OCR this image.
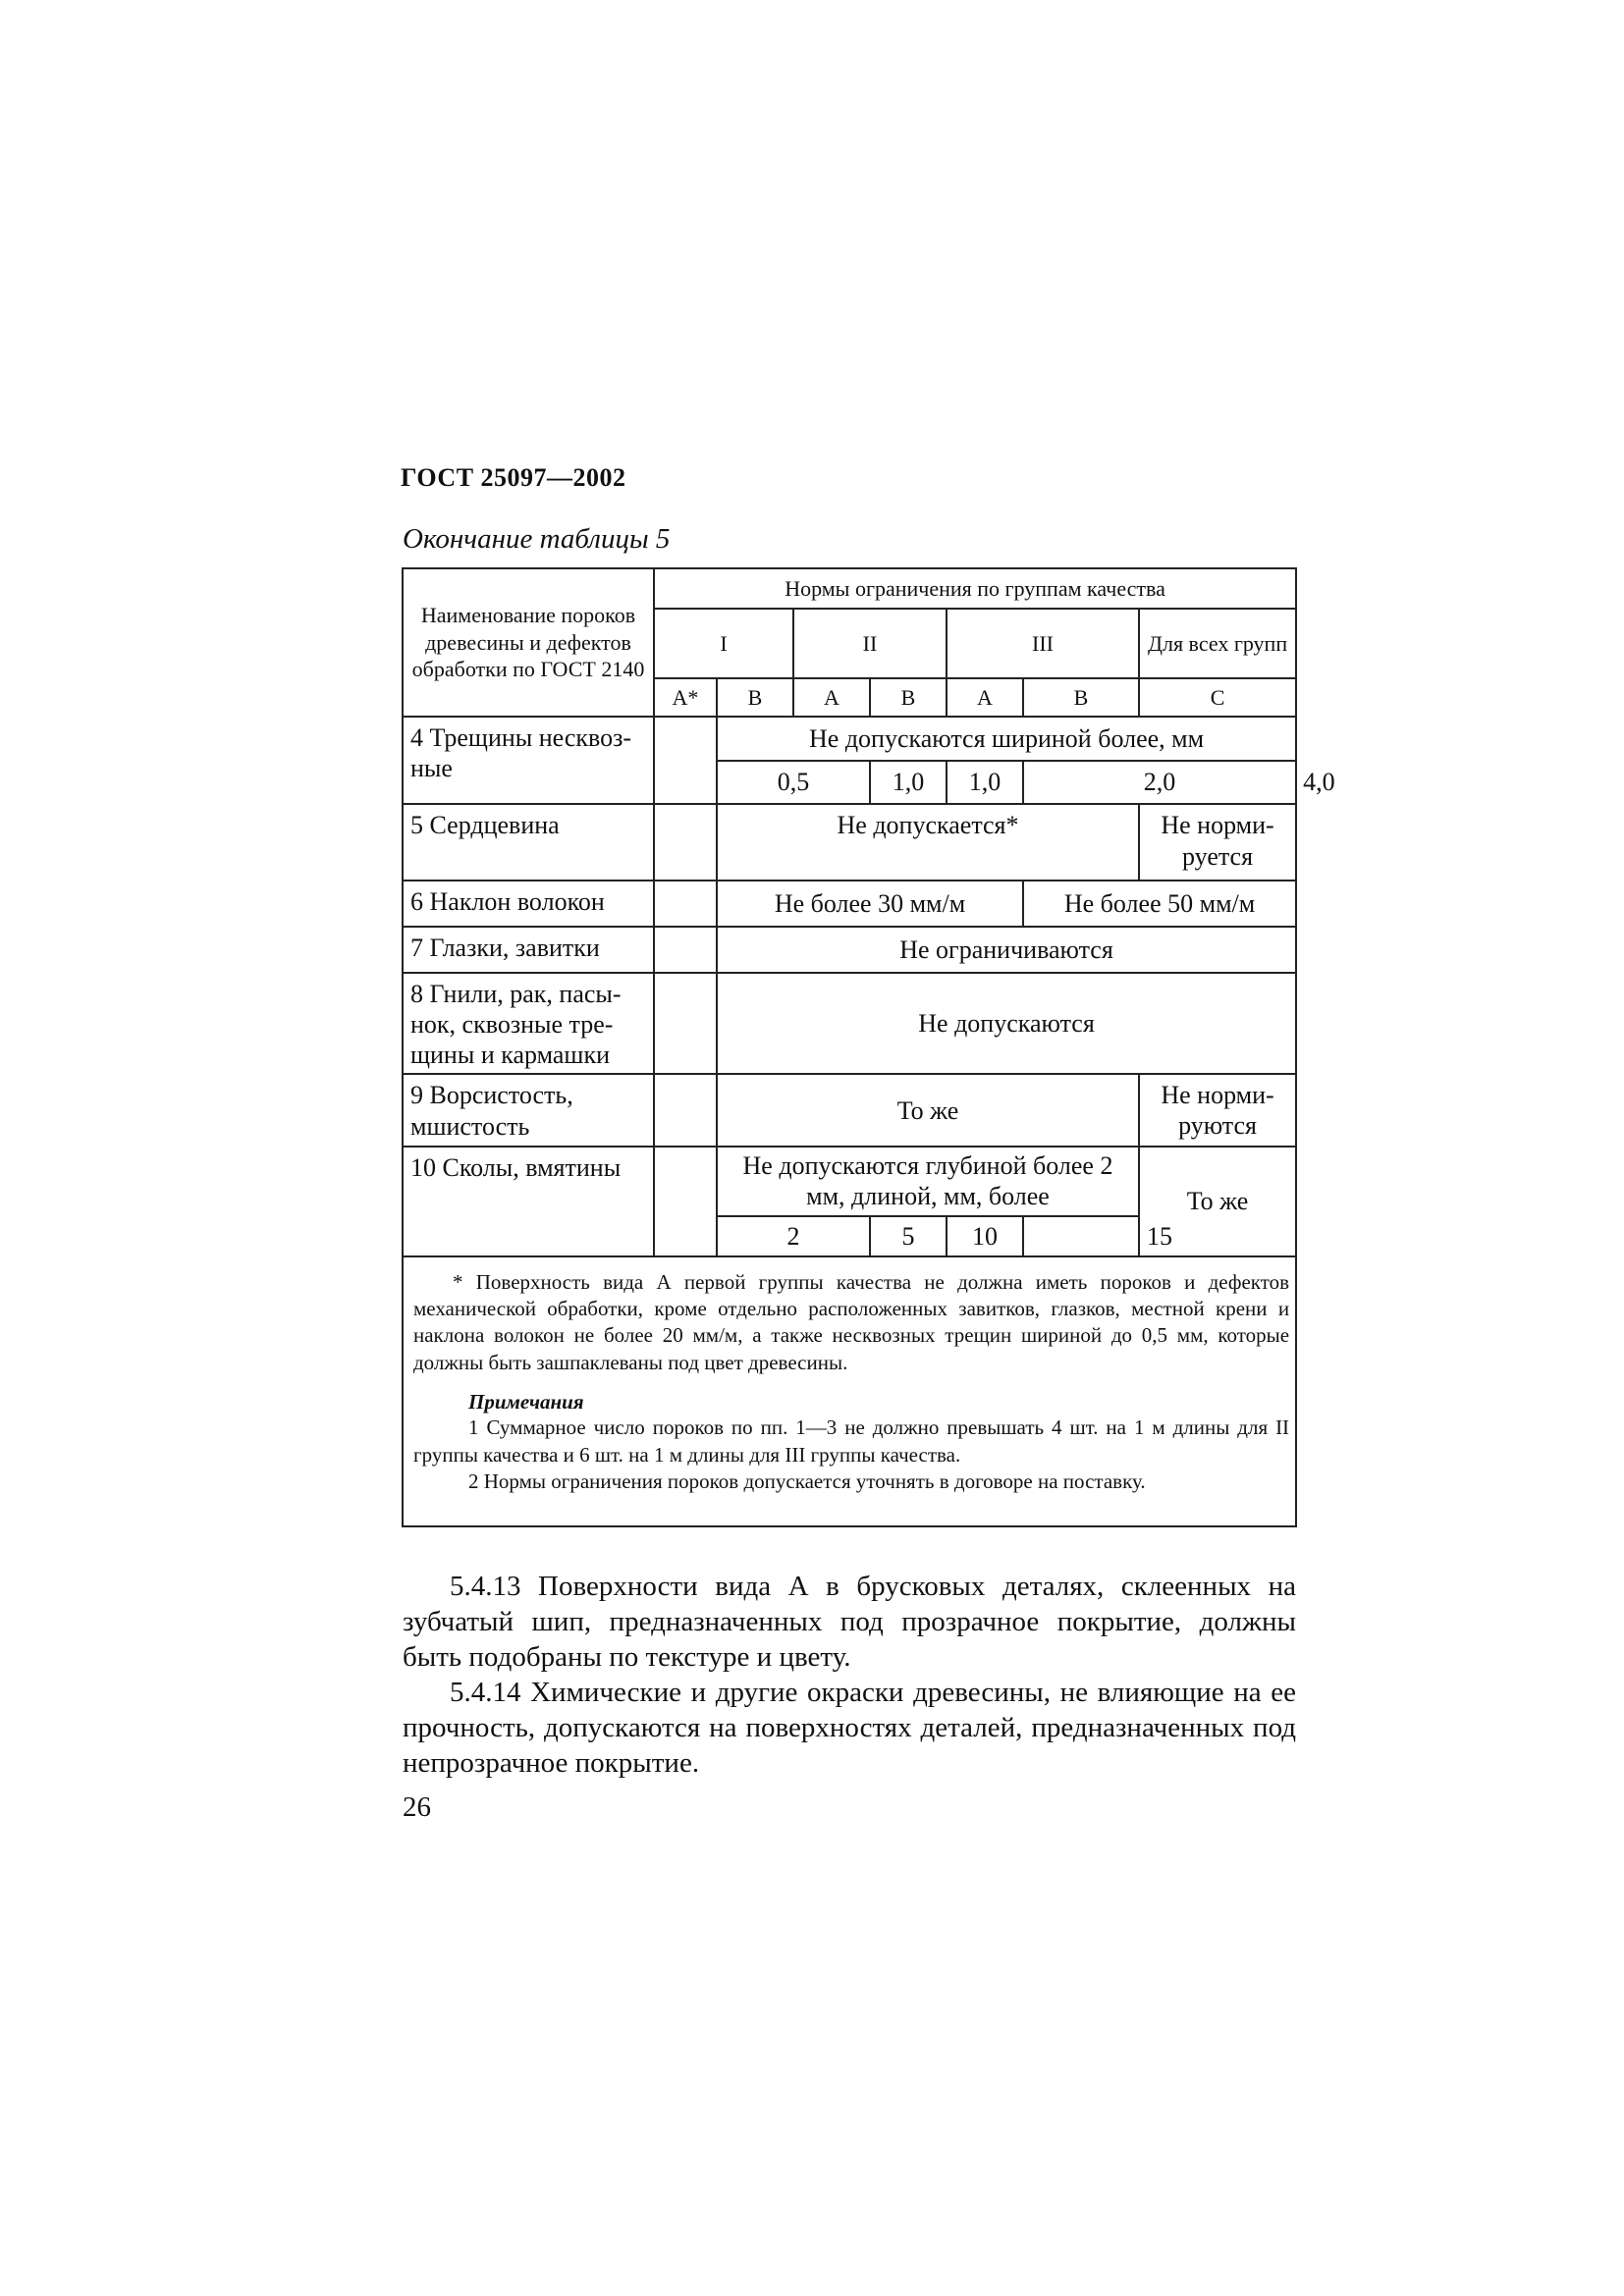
ГОСТ 25097—2002
Окончание таблицы 5
Наименование пороков древесины и дефектов обработки по ГОСТ 2140	Нормы ограничения по группам качества							
	I		II		III		Для всех групп	
	А*	В	А	В	А	В	С	
4 Трещины несквоз-ные		Не допускаются шириной более, мм						
		0,5		1,0	1,0	2,0		4,0
5 Сердцевина		Не допускается*					Не норми-руется	
6 Наклон волокон		Не более 30 мм/м				Не более 50 мм/м		
7 Глазки, завитки		Не ограничиваются						
8 Гнили, рак, пасы-нок, сквозные тре-щины и кармашки		Не допускаются						
9 Ворсистость, мшистость		То же					Не норми-руются	
10 Сколы, вмятины		Не допускаются глубиной более 2 мм, длиной, мм, более					То же	
		2		5	10	15		

* Поверхность вида А первой группы качества не должна иметь пороков и дефектов механической обработки, кроме отдельно расположенных завитков, глазков, местной крени и наклона волокон не более 20 мм/м, а также несквозных трещин шириной до 0,5 мм, которые должны быть зашпаклеваны под цвет древесины.
Примечания
1 Суммарное число пороков по пп. 1—3 не должно превышать 4 шт. на 1 м длины для II группы качества и 6 шт. на 1 м длины для III группы качества.
2 Нормы ограничения пороков допускается уточнять в договоре на поставку.								

5.4.13 Поверхности вида А в брусковых деталях, склеенных на зубчатый шип, предназначенных под прозрачное покрытие, должны быть подобраны по текстуре и цвету.

5.4.14 Химические и другие окраски древесины, не влияющие на ее прочность, допускаются на поверхностях деталей, предназначенных под непрозрачное покрытие.

26
